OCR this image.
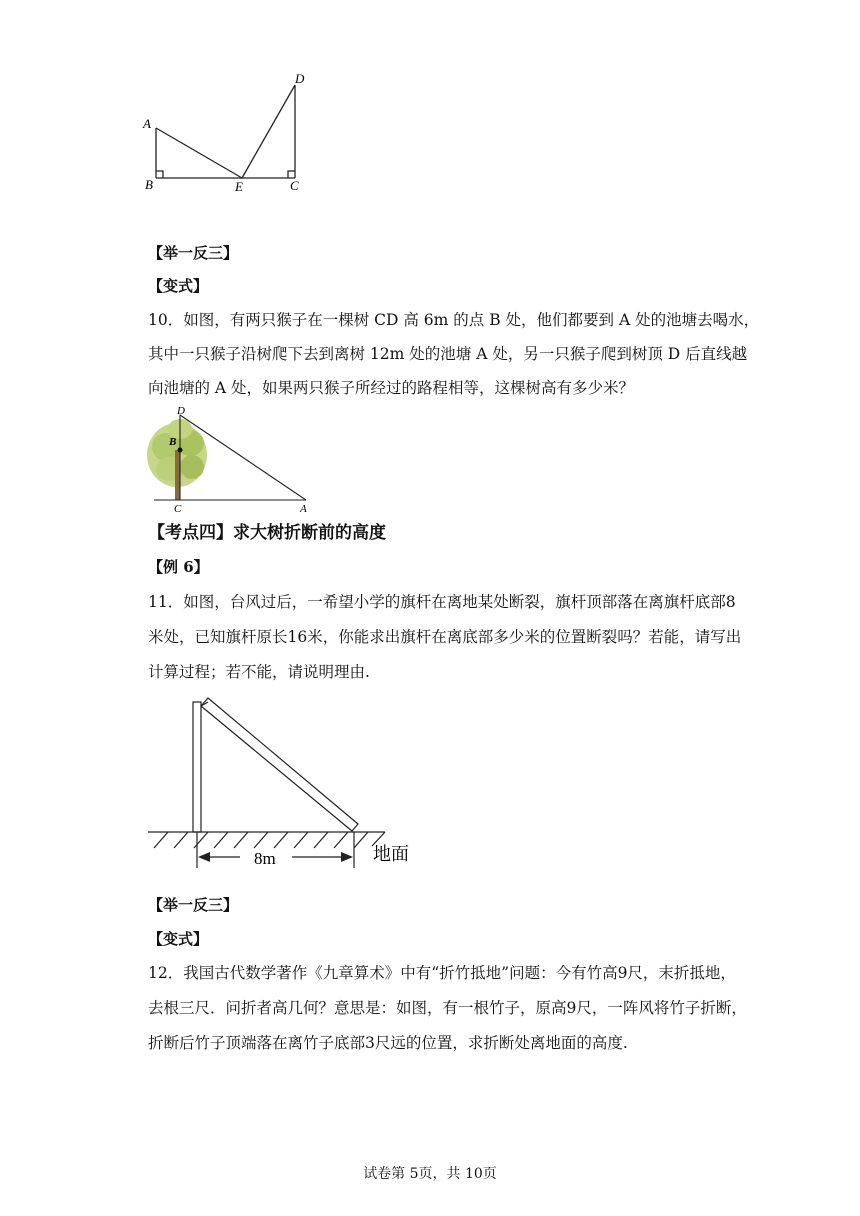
A
B	E	C
D
【举一反三】
【变式】
10．如图，有两只猴子在一棵树 CD 高 6m 的点 B 处，他们都要到 A 处的池塘去喝水，
其中一只猴子沿树爬下去到离树 12m 处的池塘 A 处，另一只猴子爬到树顶 D 后直线越
向池塘的 A 处，如果两只猴子所经过的路程相等，这棵树高有多少米？
D
B
C	A
【考点四】求大树折断前的高度
【例 6】
11．如图，台风过后，一希望小学的旗杆在离地某处断裂，旗杆顶部落在离旗杆底部8
米处，已知旗杆原长16米，你能求出旗杆在离底部多少米的位置断裂吗？若能，请写出
计算过程；若不能，请说明理由.
8m	地面
【举一反三】
【变式】
12．我国古代数学著作《九章算术》中有“折竹抵地”问题：今有竹高9尺，末折抵地，
去根三尺．问折者高几何？意思是：如图，有一根竹子，原高9尺，一阵风将竹子折断，
折断后竹子顶端落在离竹子底部3尺远的位置，求折断处离地面的高度.
试卷第 5页，共 10页
